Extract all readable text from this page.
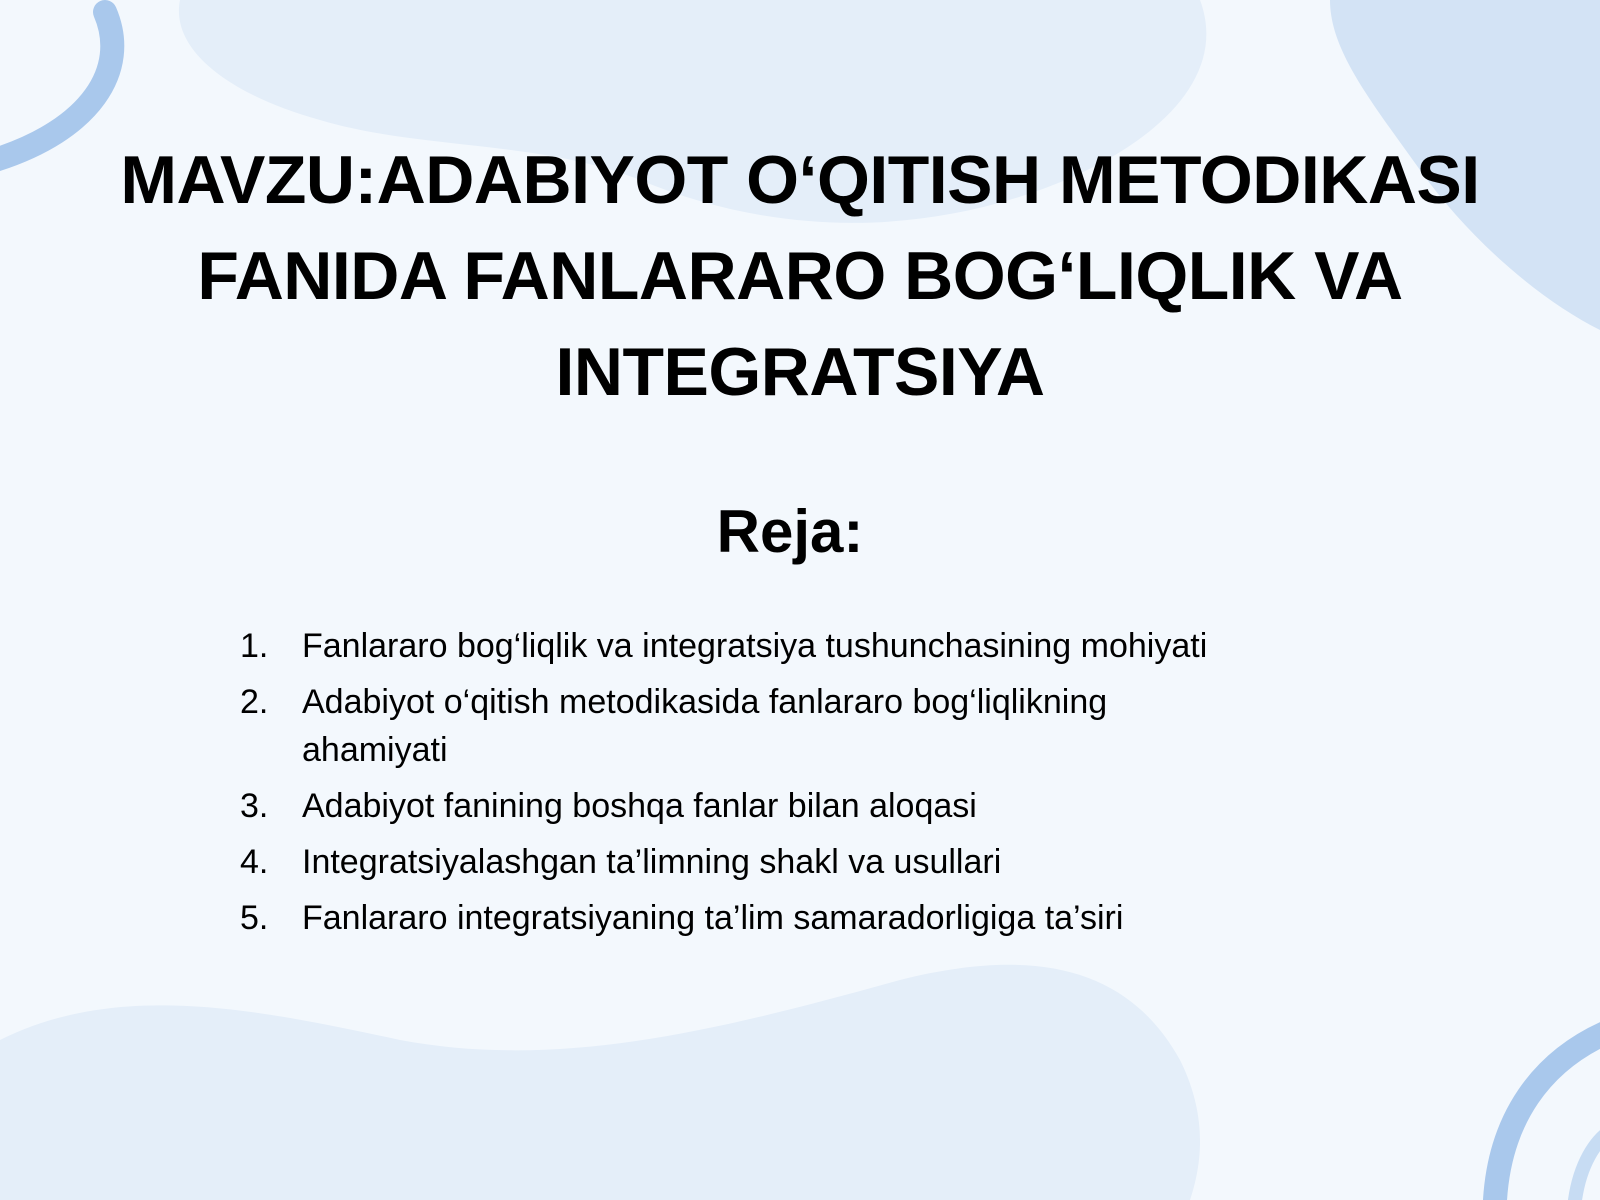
MAVZU:ADABIYOT O‘QITISH METODIKASI
FANIDA FANLARARO BOG‘LIQLIK VA
INTEGRATSIYA
Reja:
1. Fanlararo bog‘liqlik va integratsiya tushunchasining mohiyati
2. Adabiyot o‘qitish metodikasida fanlararo bog‘liqlikning ahamiyati
3. Adabiyot fanining boshqa fanlar bilan aloqasi
4. Integratsiyalashgan ta’limning shakl va usullari
5. Fanlararo integratsiyaning ta’lim samaradorligiga ta’siri
